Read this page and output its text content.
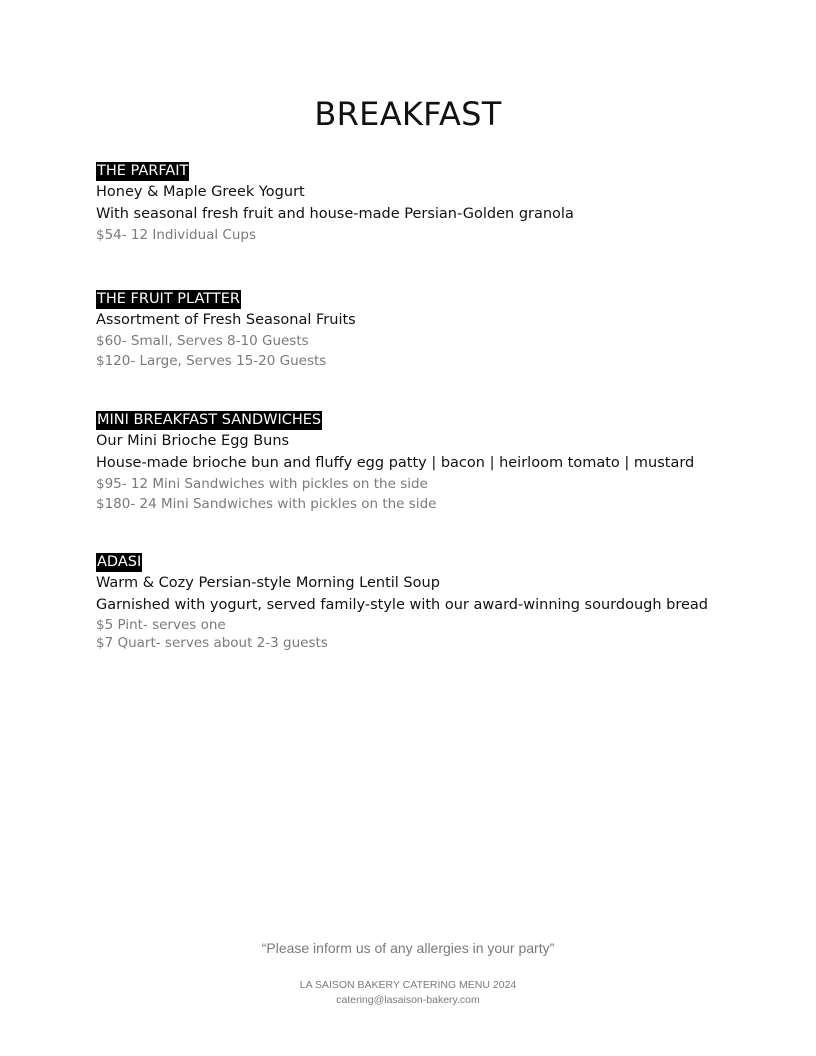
BREAKFAST
THE PARFAIT
Honey & Maple Greek Yogurt
With seasonal fresh fruit and house-made Persian-Golden granola
$54- 12 Individual Cups
THE FRUIT PLATTER
Assortment of Fresh Seasonal Fruits
$60- Small, Serves 8-10 Guests
$120- Large, Serves 15-20 Guests
MINI BREAKFAST SANDWICHES
Our Mini Brioche Egg Buns
House-made brioche bun and fluffy egg patty | bacon | heirloom tomato | mustard
$95- 12 Mini Sandwiches with pickles on the side
$180- 24 Mini Sandwiches with pickles on the side
ADASI
Warm & Cozy Persian-style Morning Lentil Soup
Garnished with yogurt, served family-style with our award-winning sourdough bread
$5 Pint- serves one
$7 Quart- serves about 2-3 guests
“Please inform us of any allergies in your party”
LA SAISON BAKERY CATERING MENU 2024
catering@lasaison-bakery.com
